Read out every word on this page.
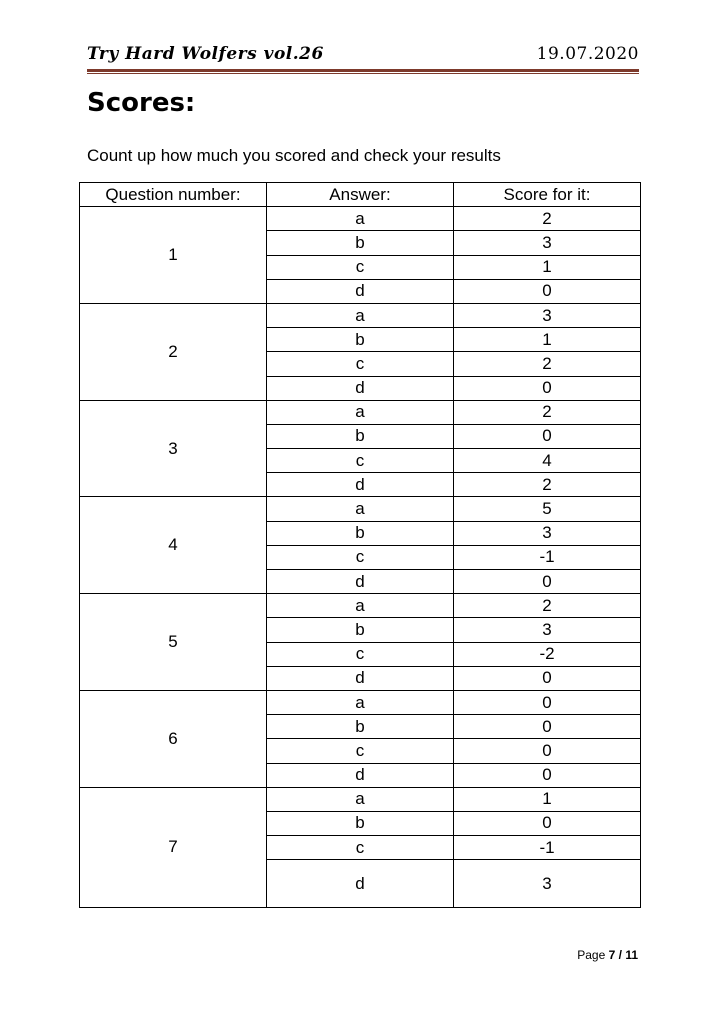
Try Hard Wolfers vol.26	19.07.2020
Scores:

Count up how much you scored and check your results

Question number:	Answer:	Score for it:
1	a	2
	b	3
	c	1
	d	0
2	a	3
	b	1
	c	2
	d	0
3	a	2
	b	0
	c	4
	d	2
4	a	5
	b	3
	c	-1
	d	0
5	a	2
	b	3
	c	-2
	d	0
6	a	0
	b	0
	c	0
	d	0
7	a	1
	b	0
	c	-1
	d	3
Page 7 / 11
